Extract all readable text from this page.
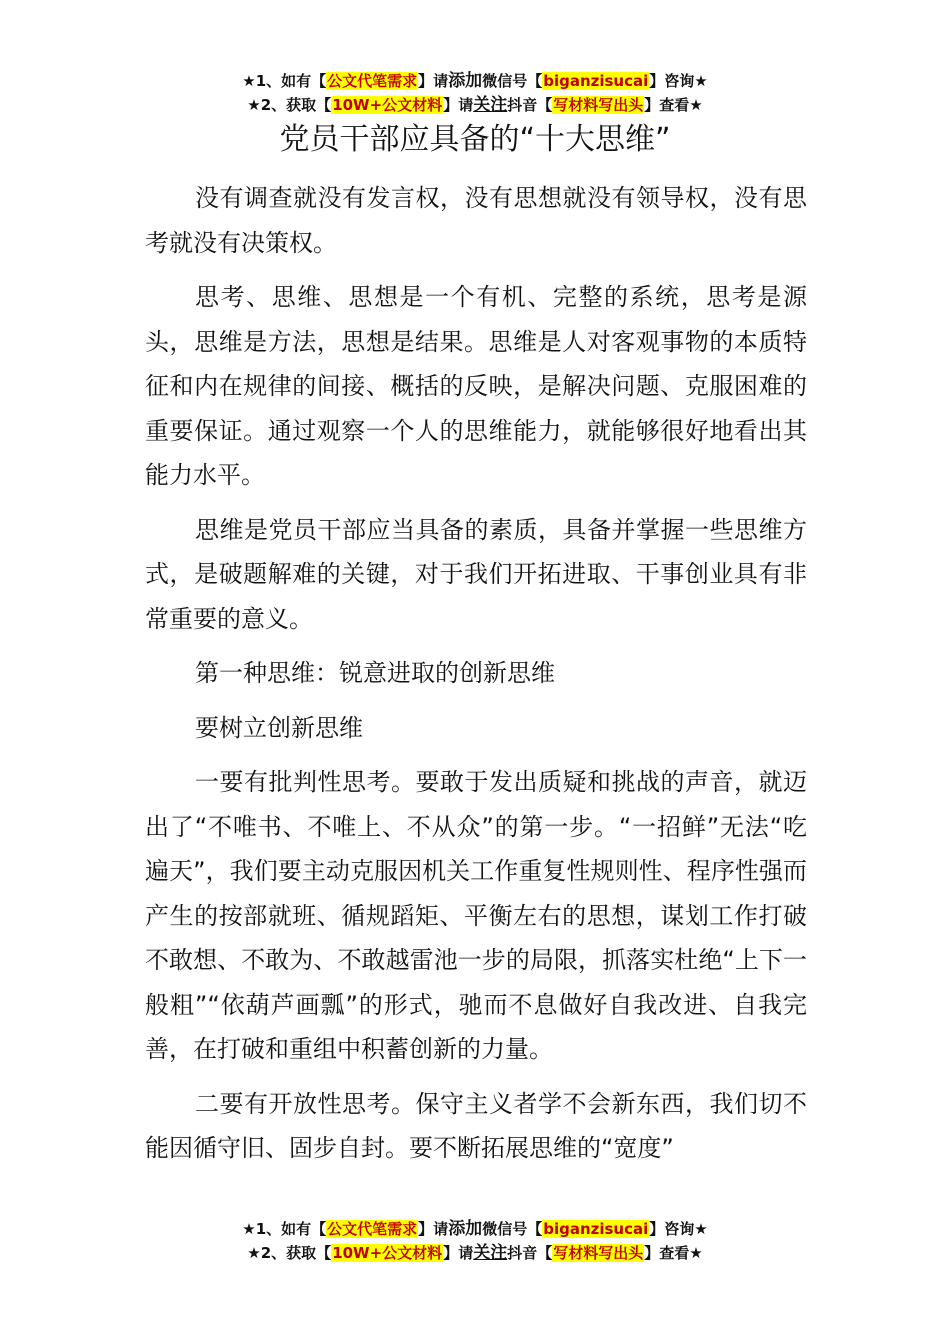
★1、如有【公文代笔需求】请添加微信号【biganzisucai】咨询★
★2、获取【10W+公文材料】请关注抖音【写材料写出头】查看★
党员干部应具备的“十大思维”

没有调查就没有发言权，没有思想就没有领导权，没有思考就没有决策权。

思考、思维、思想是一个有机、完整的系统，思考是源头，思维是方法，思想是结果。思维是人对客观事物的本质特征和内在规律的间接、概括的反映，是解决问题、克服困难的重要保证。通过观察一个人的思维能力，就能够很好地看出其能力水平。

思维是党员干部应当具备的素质，具备并掌握一些思维方式，是破题解难的关键，对于我们开拓进取、干事创业具有非常重要的意义。

第一种思维：锐意进取的创新思维

要树立创新思维

一要有批判性思考。要敢于发出质疑和挑战的声音，就迈出了“不唯书、不唯上、不从众”的第一步。“一招鲜”无法“吃遍天”，我们要主动克服因机关工作重复性规则性、程序性强而产生的按部就班、循规蹈矩、平衡左右的思想，谋划工作打破不敢想、不敢为、不敢越雷池一步的局限，抓落实杜绝“上下一般粗”“依葫芦画瓢”的形式，驰而不息做好自我改进、自我完善，在打破和重组中积蓄创新的力量。

二要有开放性思考。保守主义者学不会新东西，我们切不能因循守旧、固步自封。要不断拓展思维的“宽度”

★1、如有【公文代笔需求】请添加微信号【biganzisucai】咨询★
★2、获取【10W+公文材料】请关注抖音【写材料写出头】查看★
